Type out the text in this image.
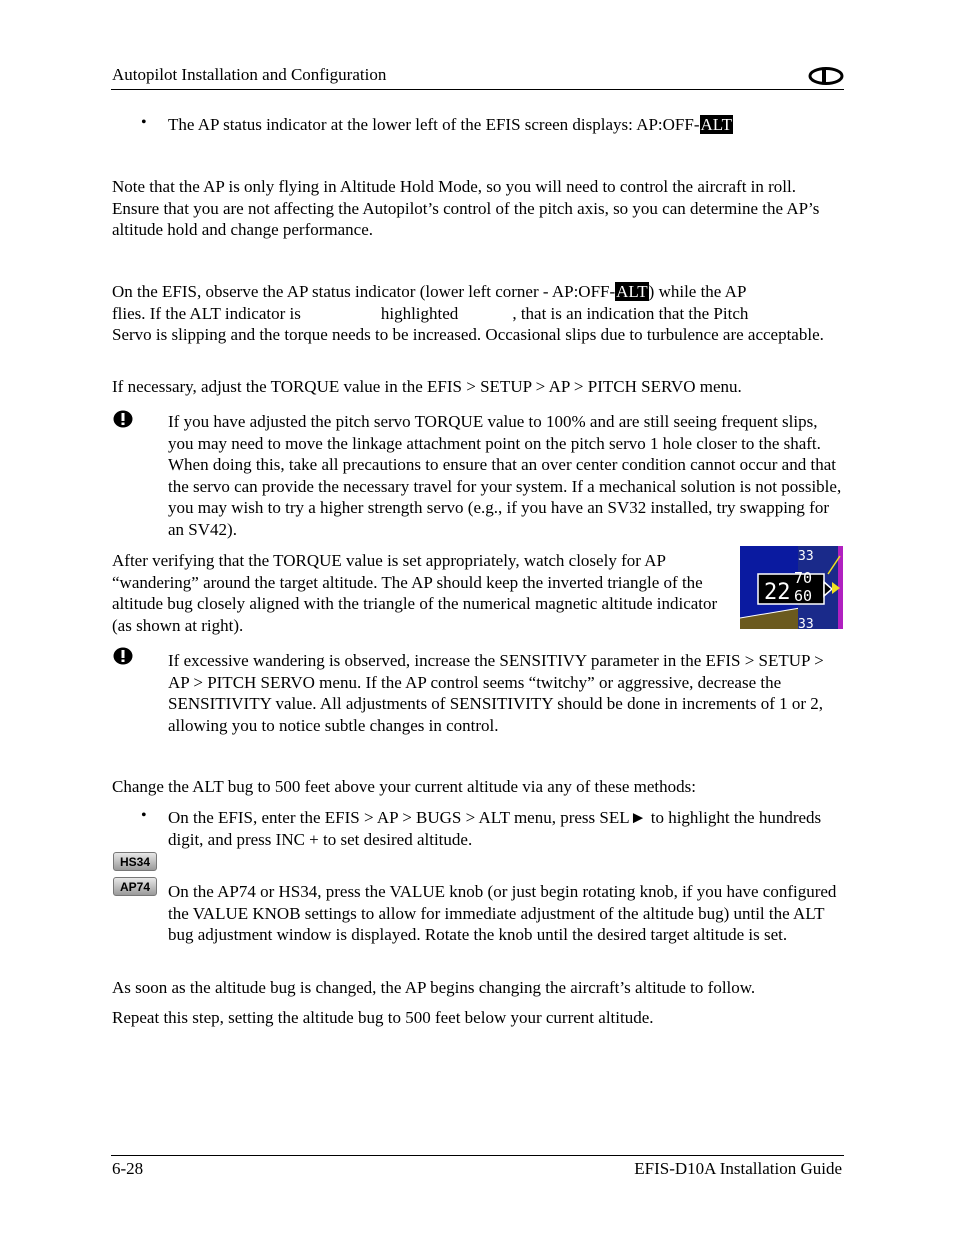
Autopilot Installation and Configuration
• The AP status indicator at the lower left of the EFIS screen displays: AP:OFF-ALT

Note that the AP is only flying in Altitude Hold Mode, so you will need to control the aircraft in roll. Ensure that you are not affecting the Autopilot’s control of the pitch axis, so you can determine the AP’s altitude hold and change performance.

On the EFIS, observe the AP status indicator (lower left corner - AP:OFF-ALT) while the AP
flies. If the ALT indicator is	highlighted	, that is an indication that the Pitch
Servo is slipping and the torque needs to be increased. Occasional slips due to turbulence are acceptable.

If necessary, adjust the TORQUE value in the EFIS > SETUP > AP > PITCH SERVO menu.

If you have adjusted the pitch servo TORQUE value to 100% and are still seeing frequent slips, you may need to move the linkage attachment point on the pitch servo 1 hole closer to the shaft. When doing this, take all precautions to ensure that an over center condition cannot occur and that the servo can provide the necessary travel for your system. If a mechanical solution is not possible, you may wish to try a higher strength servo (e.g., if you have an SV32 installed, try swapping for an SV42).

After verifying that the TORQUE value is set appropriately, watch closely for AP “wandering” around the target altitude. The AP should keep the inverted triangle of the altitude bug closely aligned with the triangle of the numerical magnetic altitude indicator (as shown at right).

22
70
60
33
33

If excessive wandering is observed, increase the SENSITIVY parameter in the EFIS > SETUP > AP > PITCH SERVO menu. If the AP control seems “twitchy” or aggressive, decrease the SENSITIVITY value. All adjustments of SENSITIVITY should be done in increments of 1 or 2, allowing you to notice subtle changes in control.

Change the ALT bug to 500 feet above your current altitude via any of these methods:

• On the EFIS, enter the EFIS > AP > BUGS > ALT menu, press SEL► to highlight the hundreds digit, and press INC + to set desired altitude.

HS34
AP74	On the AP74 or HS34, press the VALUE knob (or just begin rotating knob, if you have configured the VALUE KNOB settings to allow for immediate adjustment of the altitude bug) until the ALT bug adjustment window is displayed. Rotate the knob until the desired target altitude is set.

As soon as the altitude bug is changed, the AP begins changing the aircraft’s altitude to follow.

Repeat this step, setting the altitude bug to 500 feet below your current altitude.

6-28	EFIS-D10A Installation Guide
